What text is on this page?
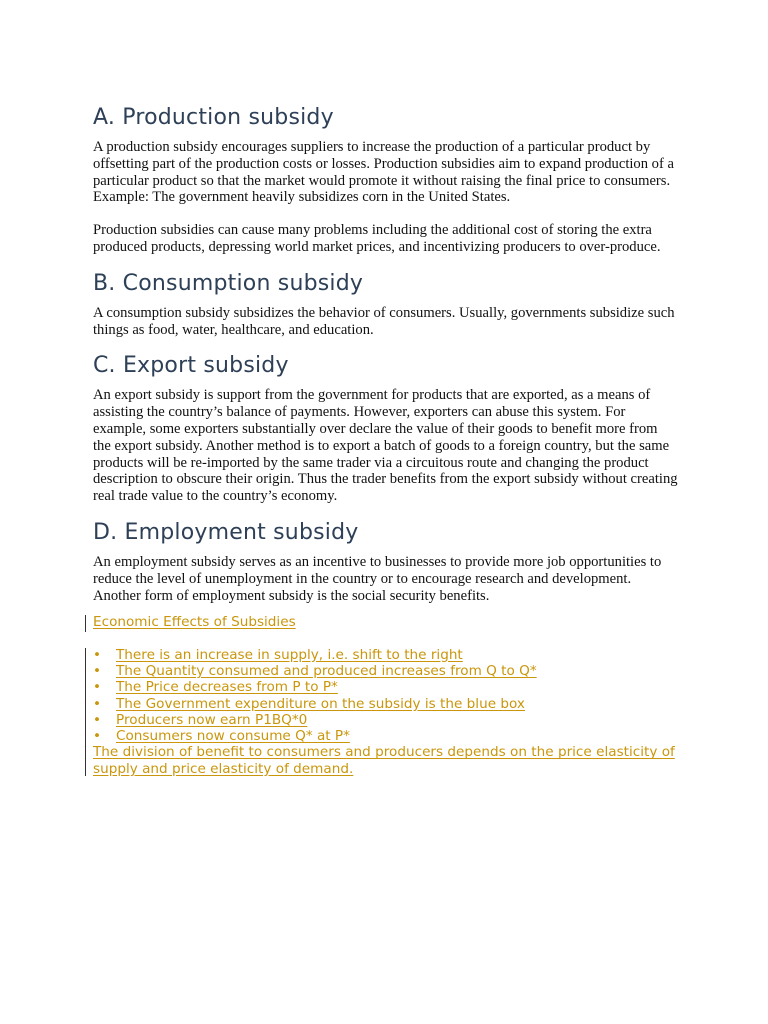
A. Production subsidy

A production subsidy encourages suppliers to increase the production of a particular product by offsetting part of the production costs or losses. Production subsidies aim to expand production of a particular product so that the market would promote it without raising the final price to consumers. Example: The government heavily subsidizes corn in the United States.

Production subsidies can cause many problems including the additional cost of storing the extra produced products, depressing world market prices, and incentivizing producers to over-produce.

B. Consumption subsidy

A consumption subsidy subsidizes the behavior of consumers. Usually, governments subsidize such things as food, water, healthcare, and education.

C. Export subsidy

An export subsidy is support from the government for products that are exported, as a means of assisting the country’s balance of payments. However, exporters can abuse this system. For example, some exporters substantially over declare the value of their goods to benefit more from the export subsidy. Another method is to export a batch of goods to a foreign country, but the same products will be re-imported by the same trader via a circuitous route and changing the product description to obscure their origin. Thus the trader benefits from the export subsidy without creating real trade value to the country’s economy.

D. Employment subsidy

An employment subsidy serves as an incentive to businesses to provide more job opportunities to reduce the level of unemployment in the country or to encourage research and development. Another form of employment subsidy is the social security benefits.

Economic Effects of Subsidies
• There is an increase in supply, i.e. shift to the right
• The Quantity consumed and produced increases from Q to Q*
• The Price decreases from P to P*
• The Government expenditure on the subsidy is the blue box
• Producers now earn P1BQ*0
• Consumers now consume Q* at P*
The division of benefit to consumers and producers depends on the price elasticity of supply and price elasticity of demand.
